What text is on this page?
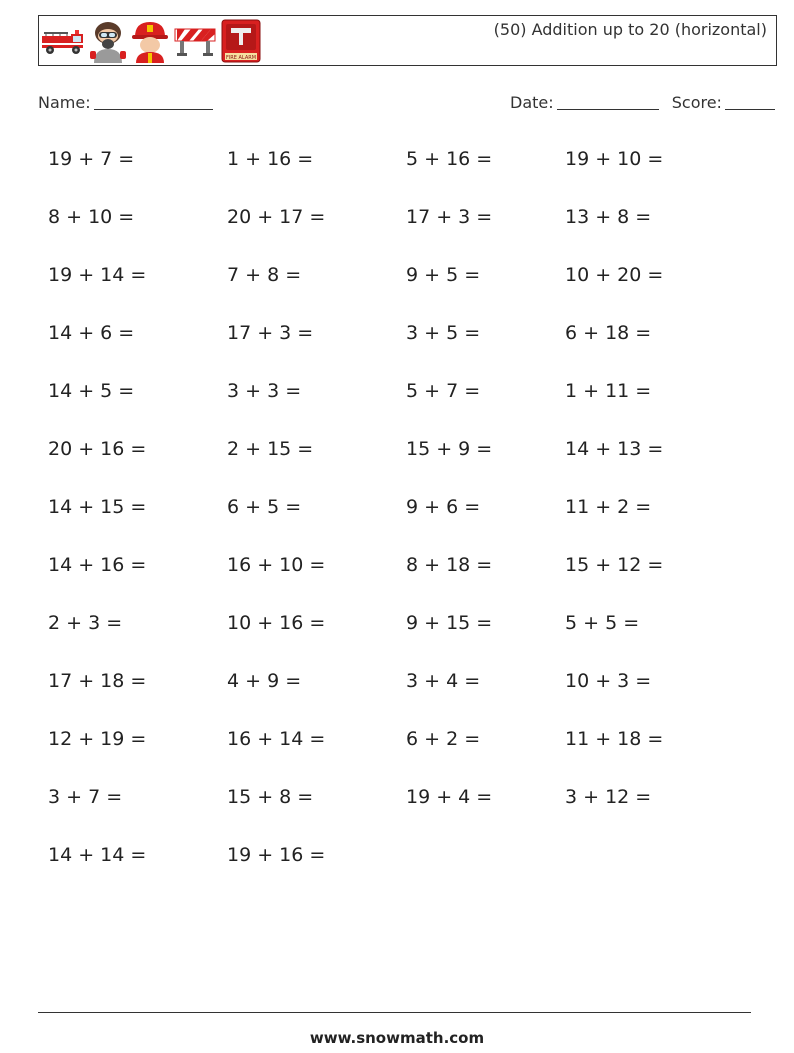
FIRE ALARM
(50) Addition up to 20 (horizontal)
Name:	Date:	Score:
19 + 7 =	1 + 16 =	5 + 16 =	19 + 10 =
8 + 10 =	20 + 17 =	17 + 3 =	13 + 8 =
19 + 14 =	7 + 8 =	9 + 5 =	10 + 20 =
14 + 6 =	17 + 3 =	3 + 5 =	6 + 18 =
14 + 5 =	3 + 3 =	5 + 7 =	1 + 11 =
20 + 16 =	2 + 15 =	15 + 9 =	14 + 13 =
14 + 15 =	6 + 5 =	9 + 6 =	11 + 2 =
14 + 16 =	16 + 10 =	8 + 18 =	15 + 12 =
2 + 3 =	10 + 16 =	9 + 15 =	5 + 5 =
17 + 18 =	4 + 9 =	3 + 4 =	10 + 3 =
12 + 19 =	16 + 14 =	6 + 2 =	11 + 18 =
3 + 7 =	15 + 8 =	19 + 4 =	3 + 12 =
14 + 14 =	19 + 16 =
www.snowmath.com
